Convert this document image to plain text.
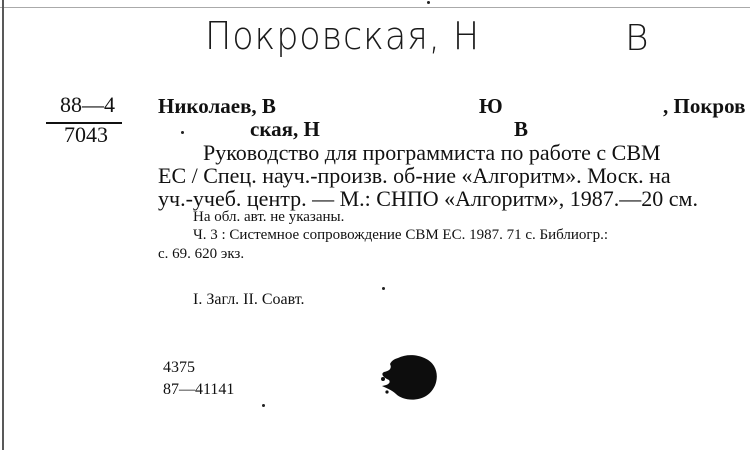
Покровская, Н	В
88—4
7043
Николаев, В	Ю	, Покров
ская, Н	В
Руководство для программиста по работе с СВМ
ЕС / Спец. науч.-произв. об-ние «Алгоритм». Моск. на
уч.-учеб. центр. — М.: СНПО «Алгоритм», 1987.—20 см.
На обл. авт. не указаны.
Ч. 3 : Системное сопровождение СВМ ЕС. 1987. 71 с. Библиогр.:
с. 69. 620 экз.
I. Загл. II. Соавт.
4375
87—41141
